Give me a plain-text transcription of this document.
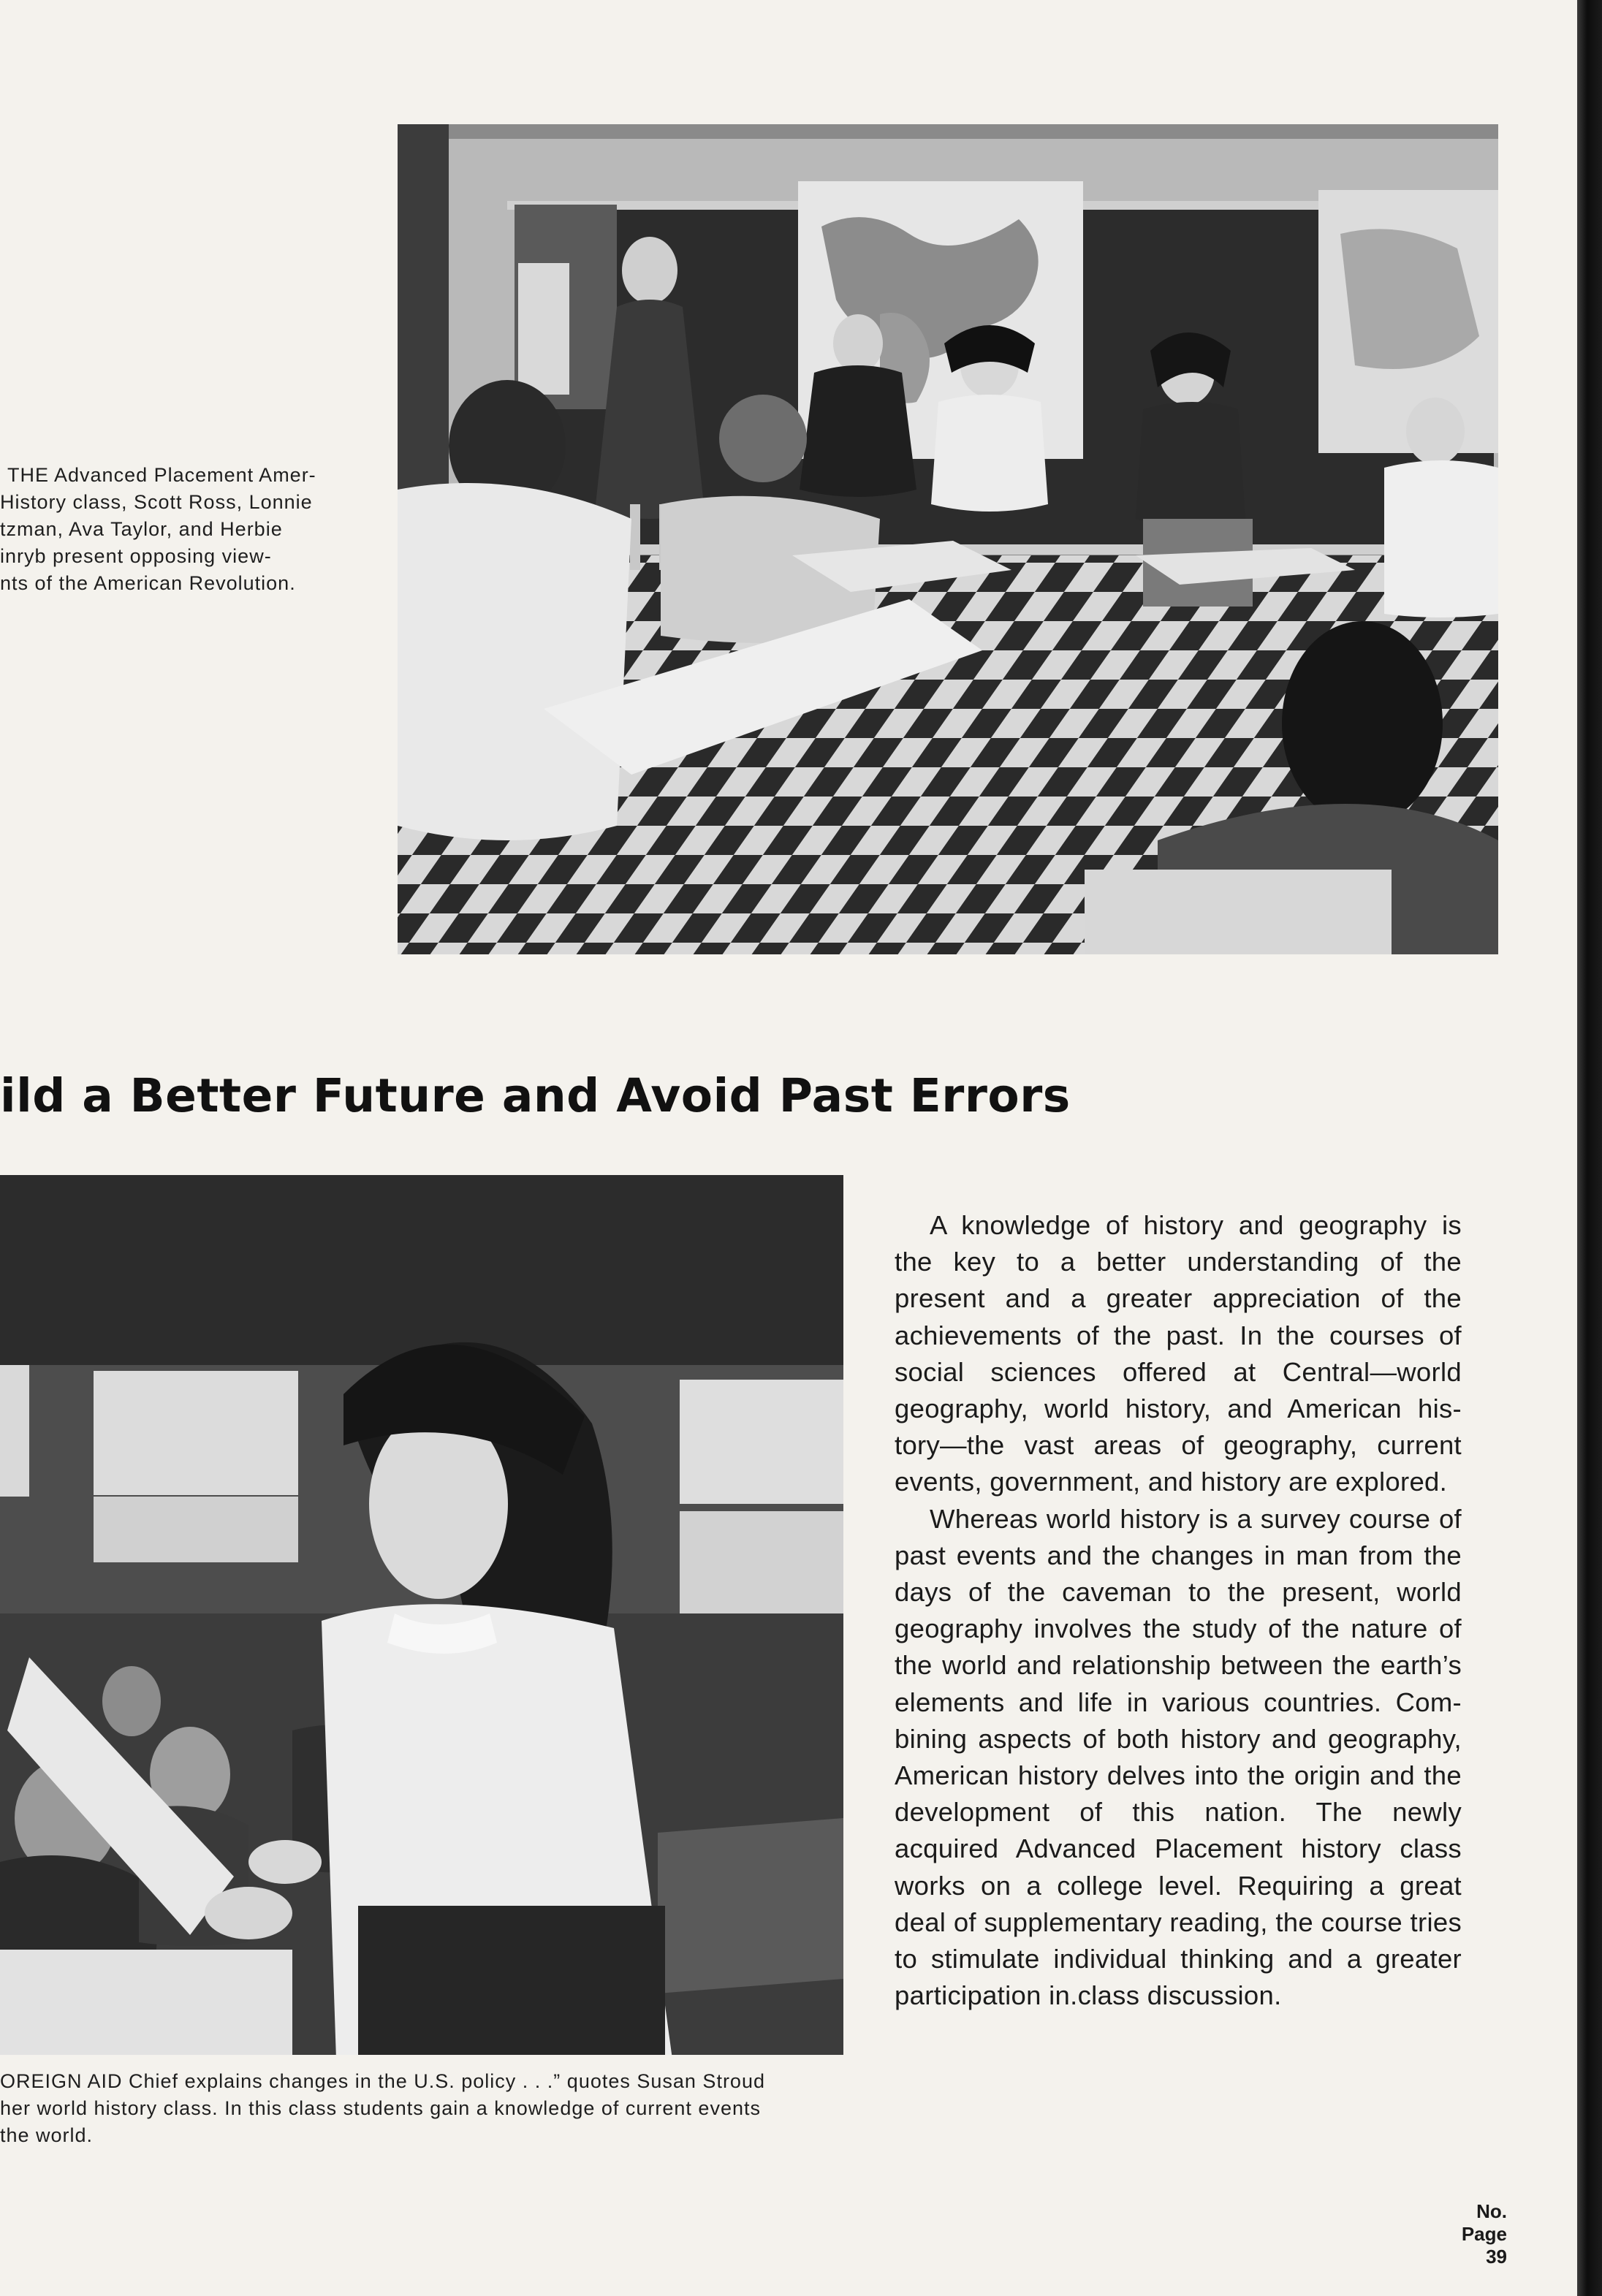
THE Advanced Placement Amer-
History class, Scott Ross, Lonnie
tzman, Ava Taylor, and Herbie
inryb present opposing view-
nts of the American Revolution.
ild a Better Future and Avoid Past Errors
OREIGN AID Chief explains changes in the U.S. policy . . .” quotes Susan Stroud
her world history class. In this class students gain a knowledge of current events
the world.

A knowledge of history and geography is the key to a better understanding of the present and a greater appreciation of the achievements of the past. In the courses of social sciences offered at Central—world geography, world history, and American his- tory—the vast areas of geography, current events, government, and history are explored.

Whereas world history is a survey course of past events and the changes in man from the days of the caveman to the present, world geography involves the study of the nature of the world and relationship between the earth’s elements and life in various countries. Com- bining aspects of both history and geography, American history delves into the origin and the development of this nation. The newly acquired Advanced Placement history class works on a college level. Requiring a great deal of supplementary reading, the course tries to stimulate individual thinking and a greater participation in.class discussion.

No.
Page
39
